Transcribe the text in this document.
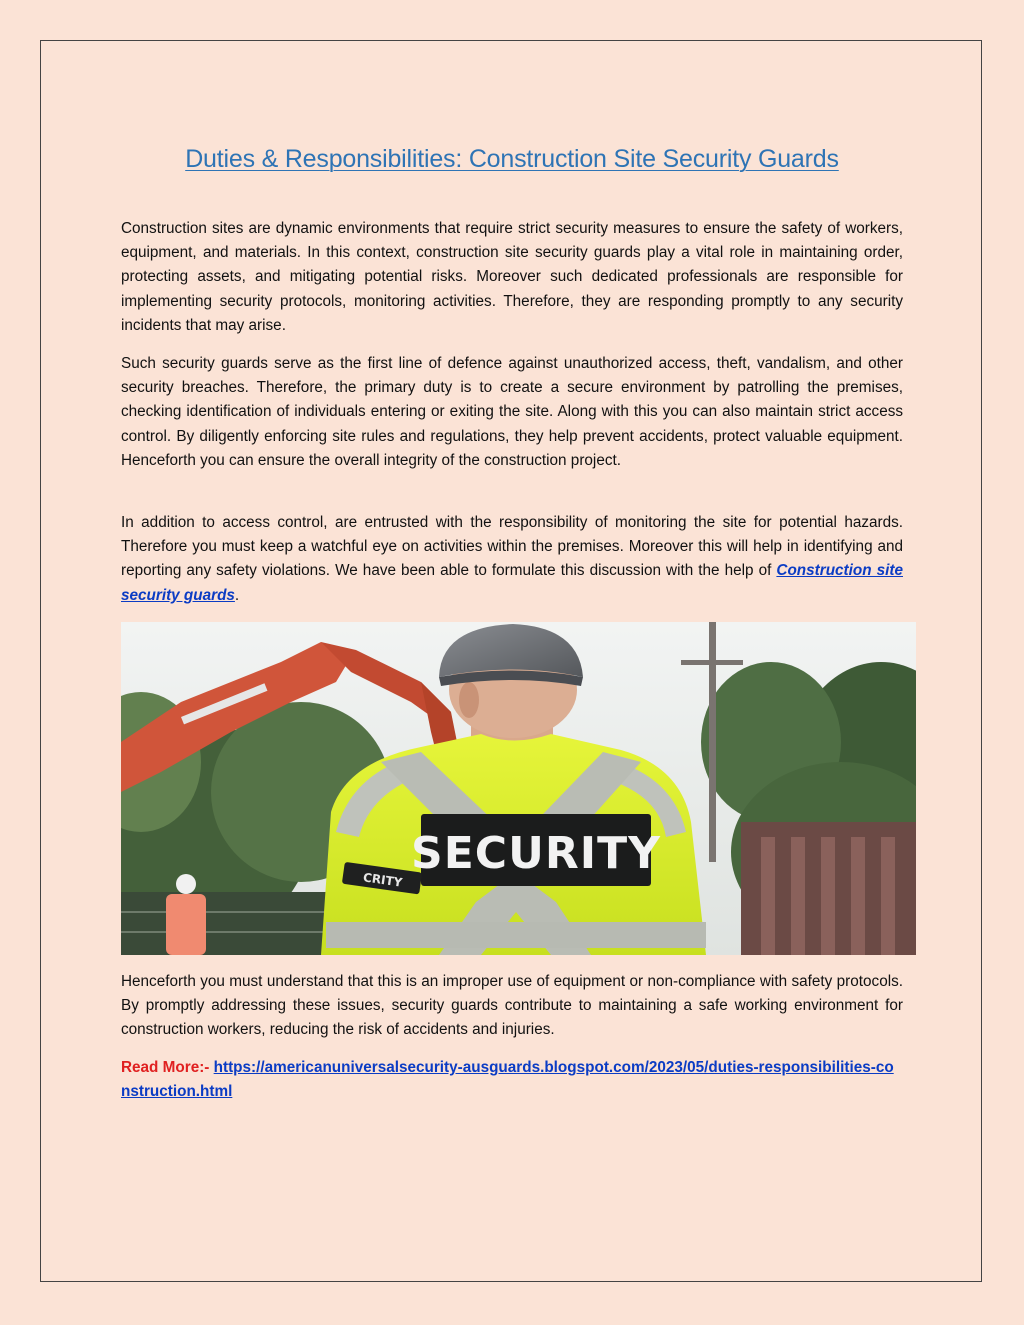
Duties & Responsibilities: Construction Site Security Guards

Construction sites are dynamic environments that require strict security measures to ensure the safety of workers, equipment, and materials. In this context, construction site security guards play a vital role in maintaining order, protecting assets, and mitigating potential risks. Moreover such dedicated professionals are responsible for implementing security protocols, monitoring activities. Therefore, they are responding promptly to any security incidents that may arise.

Such security guards serve as the first line of defence against unauthorized access, theft, vandalism, and other security breaches. Therefore, the primary duty is to create a secure environment by patrolling the premises, checking identification of individuals entering or exiting the site. Along with this you can also maintain strict access control. By diligently enforcing site rules and regulations, they help prevent accidents, protect valuable equipment. Henceforth you can ensure the overall integrity of the construction project.

In addition to access control, are entrusted with the responsibility of monitoring the site for potential hazards. Therefore you must keep a watchful eye on activities within the premises. Moreover this will help in identifying and reporting any safety violations. We have been able to formulate this discussion with the help of Construction site security guards.

SECURITY
CRITY

Henceforth you must understand that this is an improper use of equipment or non-compliance with safety protocols. By promptly addressing these issues, security guards contribute to maintaining a safe working environment for construction workers, reducing the risk of accidents and injuries.

Read More:- https://americanuniversalsecurity-ausguards.blogspot.com/2023/05/duties-responsibilities-construction.html
